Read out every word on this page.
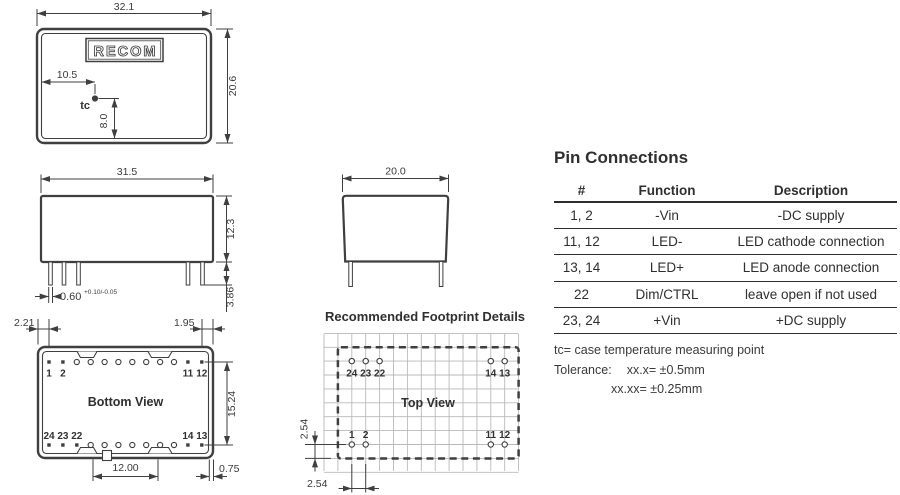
32.1
20.6
RECOM
10.5
tc
8.0
31.5
12.3
3.86
0.60 +0.10/-0.05
20.0
2.21	1.95
1 2	11 12
Bottom View
24 23 22	14 13
15.24
12.00	0.75
Recommended Footprint Details
24 23 22	14 13
Top View
1 2	11 12
2.54
2.54
Pin Connections
#	Function	Description
1, 2	-Vin	-DC supply
11, 12	LED-	LED cathode connection
13, 14	LED+	LED anode connection
22	Dim/CTRL	leave open if not used
23, 24	+Vin	+DC supply
tc= case temperature measuring point
Tolerance: xx.x= ±0.5mm
xx.xx= ±0.25mm
